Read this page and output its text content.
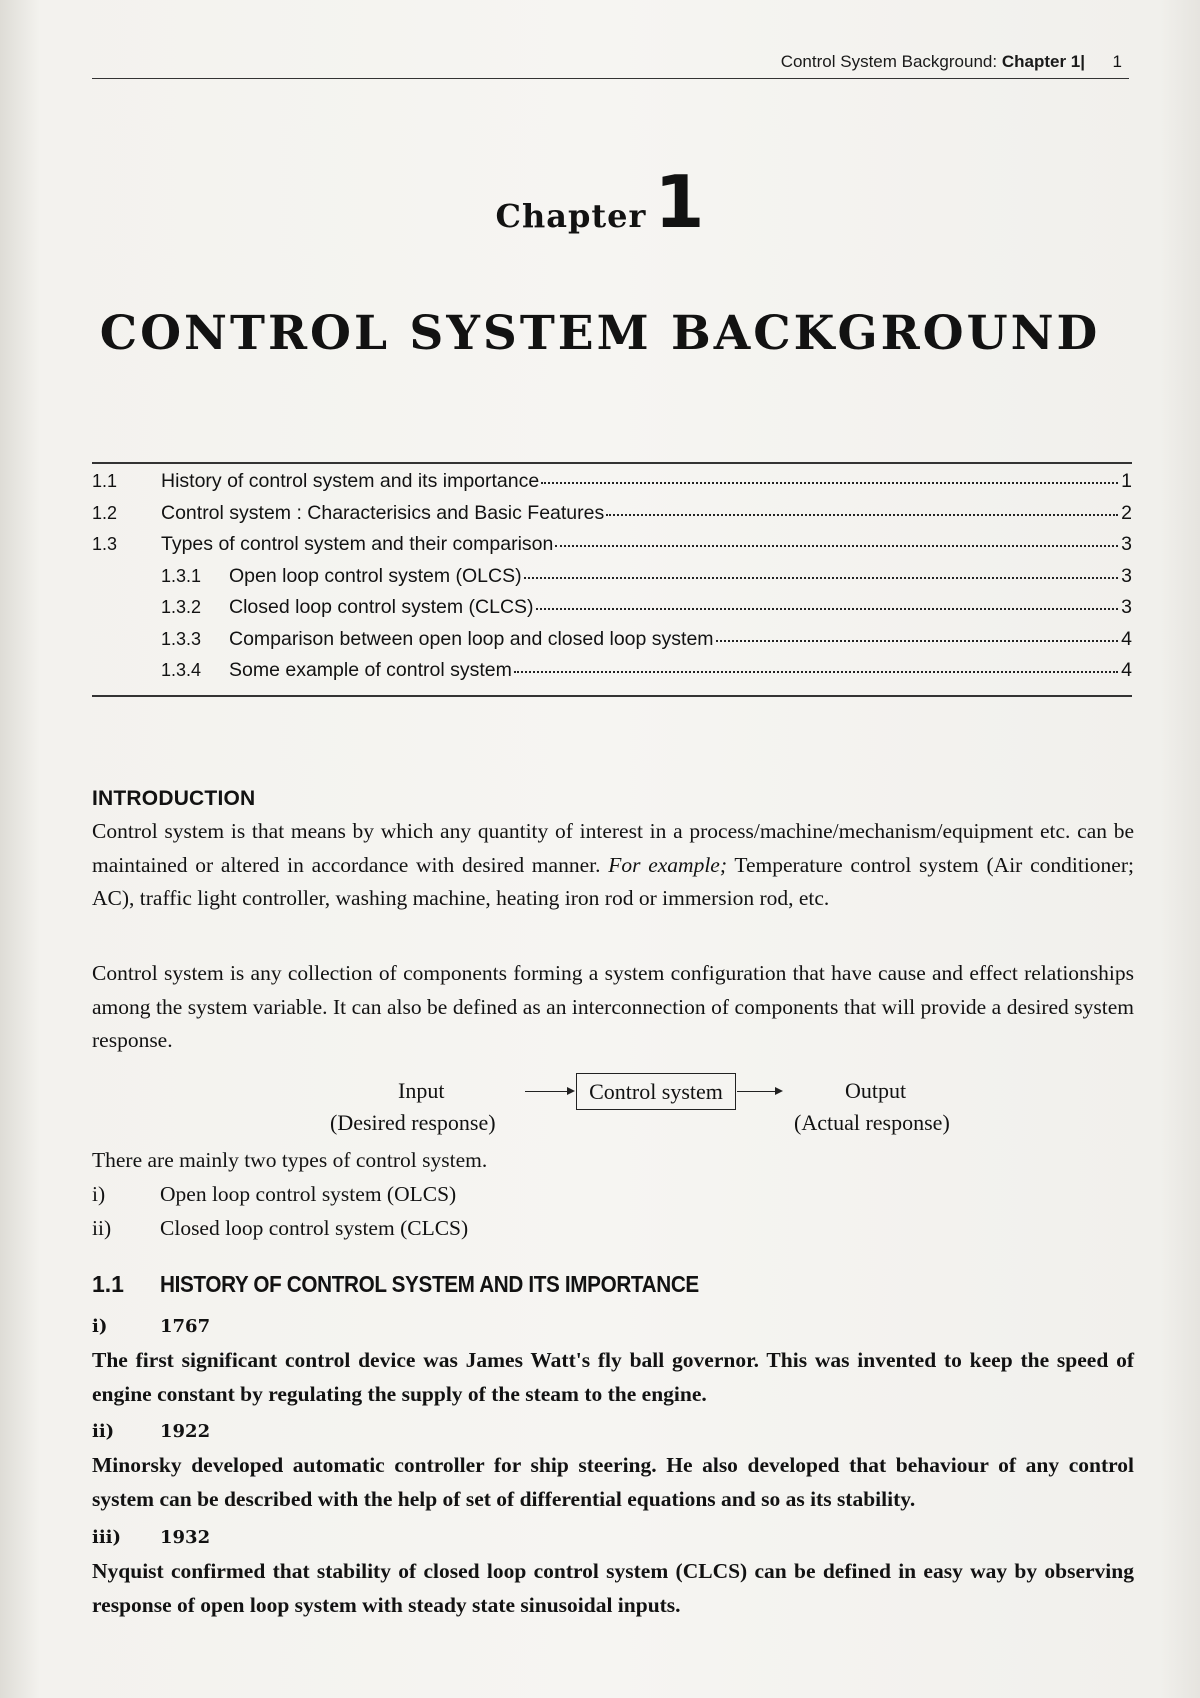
Control System Background: Chapter 1| 1
Chapter 1
CONTROL SYSTEM BACKGROUND
1.1	History of control system and its importance	1
1.2	Control system : Characterisics and Basic Features	2
1.3	Types of control system and their comparison	3
1.3.1	Open loop control system (OLCS)	3
1.3.2	Closed loop control system (CLCS)	3
1.3.3	Comparison between open loop and closed loop system	4
1.3.4	Some example of control system	4
INTRODUCTION
Control system is that means by which any quantity of interest in a process/machine/mechanism/equipment etc. can be maintained or altered in accordance with desired manner. For example; Temperature control system (Air conditioner; AC), traffic light controller, washing machine, heating iron rod or immersion rod, etc.
Control system is any collection of components forming a system configuration that have cause and effect relationships among the system variable. It can also be defined as an interconnection of components that will provide a desired system response.
Input
(Desired response)
Control system	Output
(Actual response)
There are mainly two types of control system.
i)	Open loop control system (OLCS)
ii) Closed loop control system (CLCS)
1.1 HISTORY OF CONTROL SYSTEM AND ITS IMPORTANCE
i)	1767
The first significant control device was James Watt's fly ball governor. This was invented to keep the speed of engine constant by regulating the supply of the steam to the engine.
ii)	1922
Minorsky developed automatic controller for ship steering. He also developed that behaviour of any control system can be described with the help of set of differential equations and so as its stability.
iii) 1932
Nyquist confirmed that stability of closed loop control system (CLCS) can be defined in easy way by observing response of open loop system with steady state sinusoidal inputs.
